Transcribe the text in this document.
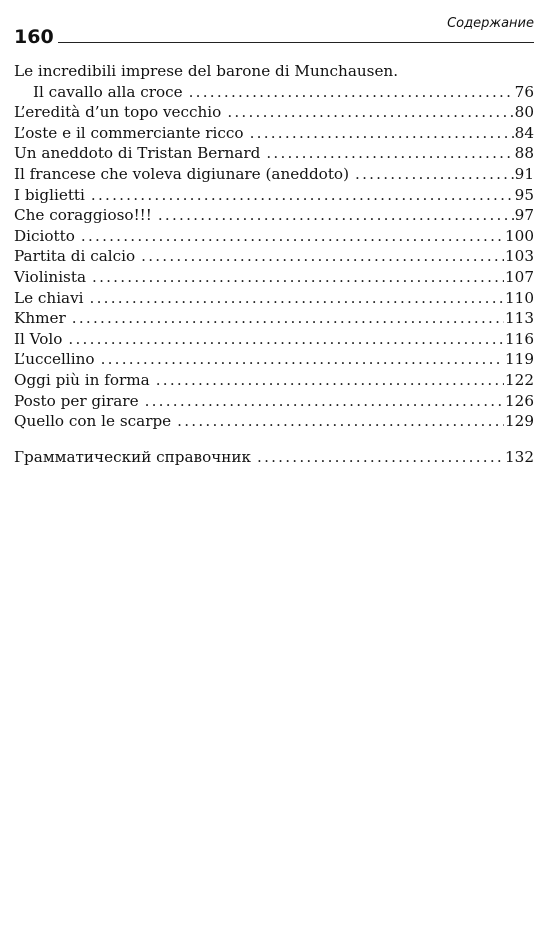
160
Содержание
Le incredibili imprese del barone di Munchausen.
Il cavallo alla croce . . .	76
L’eredità d’un topo vecchio . . .	80
L’oste e il commerciante ricco . . .	84
Un aneddoto di Tristan Bernard . . .	88
Il francese che voleva digiunare (aneddoto) . . .	91
I biglietti . . .	95
Che coraggioso!!! . . .	97
Diciotto . . .	100
Partita di calcio . . .	103
Violinista . . .	107
Le chiavi . . .	110
Khmer . . .	113
Il Volo . . .	116
L’uccellino . . .	119
Oggi più in forma . . .	122
Posto per girare . . .	126
Quello con le scarpe . . .	129
Грамматический справочник . . .	132
